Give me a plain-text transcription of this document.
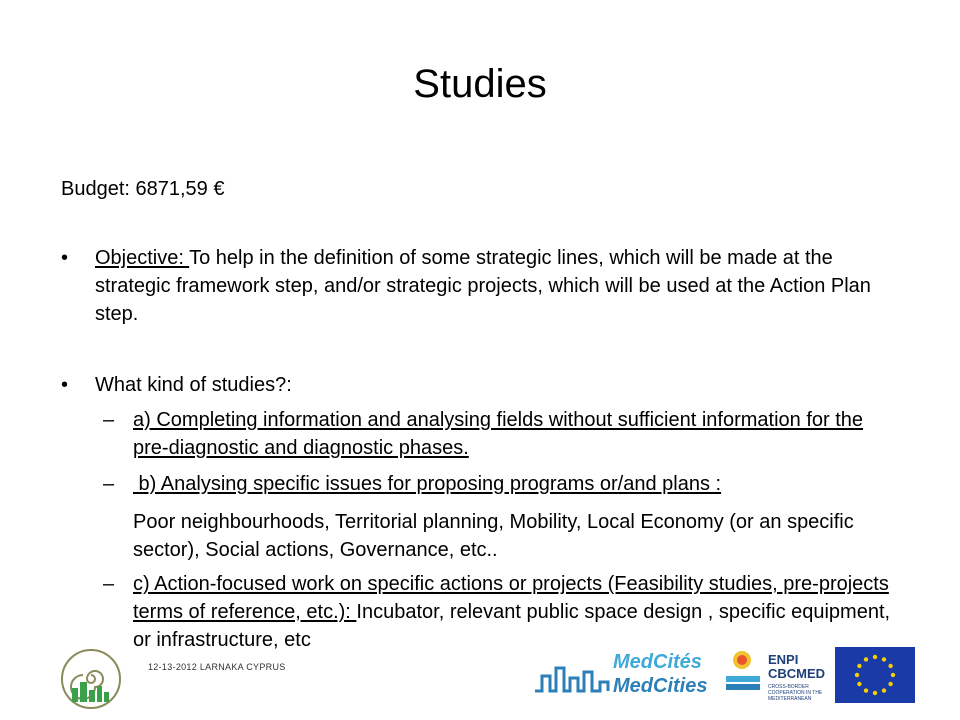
Studies
Budget: 6871,59 €
• Objective: To help in the definition of some strategic lines, which will be made at the strategic framework step, and/or strategic projects, which will be used at the Action Plan step.
• What kind of studies?:
– a) Completing information and analysing fields without sufficient information for the pre-diagnostic and diagnostic phases.
– b) Analysing specific issues for proposing programs or/and plans :
Poor neighbourhoods, Territorial planning, Mobility, Local Economy (or an specific sector), Social actions, Governance, etc..
– c) Action-focused work on specific actions or projects (Feasibility studies, pre-projects terms of reference, etc.): Incubator, relevant public space design , specific equipment, or infrastructure, etc
12-13-2012 LARNAKA CYPRUS	MedCités
MedCities
ENPI
CBCMED
CROSS-BORDER COOPERATION IN THE MEDITERRANEAN
